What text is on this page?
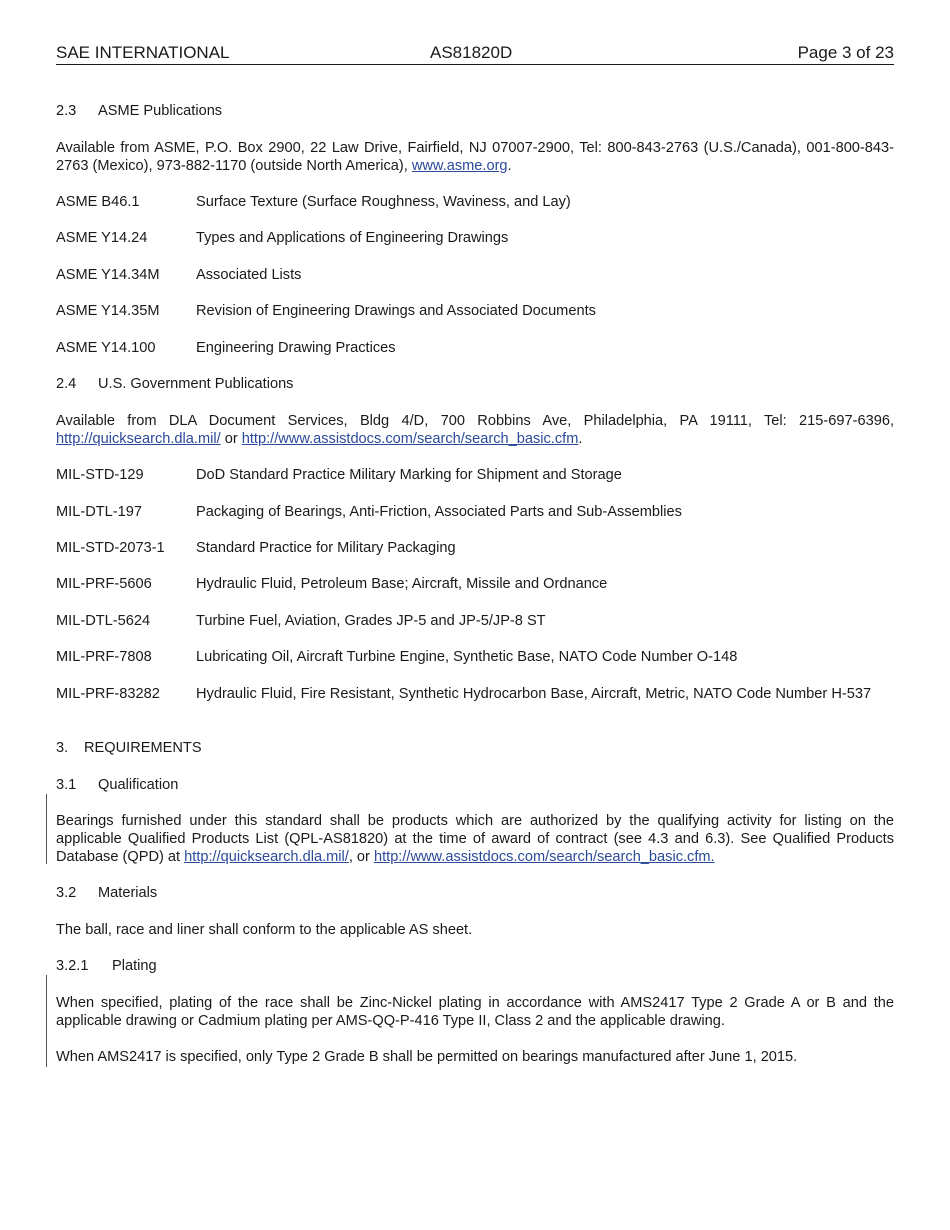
SAE INTERNATIONAL	AS81820D	Page 3 of 23
2.3 ASME Publications
Available from ASME, P.O. Box 2900, 22 Law Drive, Fairfield, NJ 07007-2900, Tel: 800-843-2763 (U.S./Canada), 001-800-843-2763 (Mexico), 973-882-1170 (outside North America), www.asme.org.
ASME B46.1	Surface Texture (Surface Roughness, Waviness, and Lay)
ASME Y14.24	Types and Applications of Engineering Drawings
ASME Y14.34M Associated Lists
ASME Y14.35M Revision of Engineering Drawings and Associated Documents
ASME Y14.100	Engineering Drawing Practices
2.4 U.S. Government Publications
Available from DLA Document Services, Bldg 4/D, 700 Robbins Ave, Philadelphia, PA 19111, Tel: 215-697-6396,
http://quicksearch.dla.mil/ or http://www.assistdocs.com/search/search_basic.cfm.
MIL-STD-129	DoD Standard Practice Military Marking for Shipment and Storage
MIL-DTL-197	Packaging of Bearings, Anti-Friction, Associated Parts and Sub-Assemblies
MIL-STD-2073-1 Standard Practice for Military Packaging
MIL-PRF-5606	Hydraulic Fluid, Petroleum Base; Aircraft, Missile and Ordnance
MIL-DTL-5624	Turbine Fuel, Aviation, Grades JP-5 and JP-5/JP-8 ST
MIL-PRF-7808	Lubricating Oil, Aircraft Turbine Engine, Synthetic Base, NATO Code Number O-148
MIL-PRF-83282 Hydraulic Fluid, Fire Resistant, Synthetic Hydrocarbon Base, Aircraft, Metric, NATO Code Number H-537
3. REQUIREMENTS
3.1 Qualification
Bearings furnished under this standard shall be products which are authorized by the qualifying activity for listing on the applicable Qualified Products List (QPL-AS81820) at the time of award of contract (see 4.3 and 6.3). See Qualified Products Database (QPD) at http://quicksearch.dla.mil/, or http://www.assistdocs.com/search/search_basic.cfm.
3.2 Materials
The ball, race and liner shall conform to the applicable AS sheet.
3.2.1 Plating
When specified, plating of the race shall be Zinc-Nickel plating in accordance with AMS2417 Type 2 Grade A or B and the applicable drawing or Cadmium plating per AMS-QQ-P-416 Type II, Class 2 and the applicable drawing.
When AMS2417 is specified, only Type 2 Grade B shall be permitted on bearings manufactured after June 1, 2015.
